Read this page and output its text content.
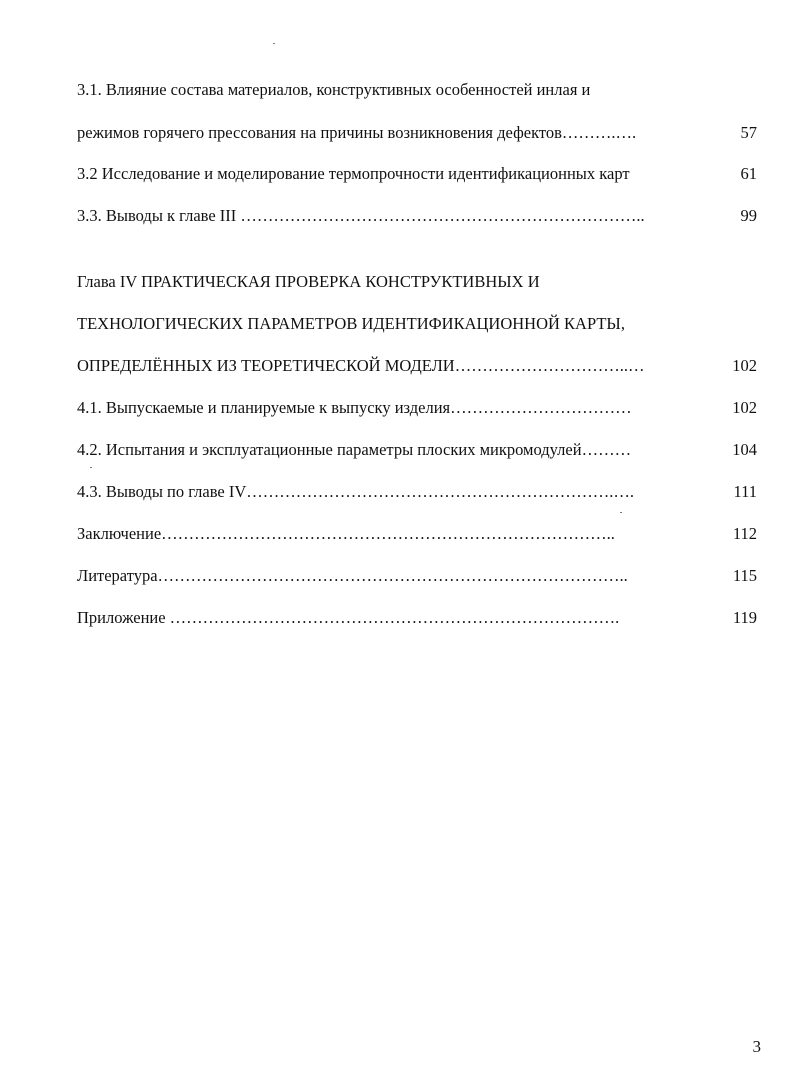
3.1. Влияние состава материалов, конструктивных особенностей инлая и
режимов горячего прессования на причины возникновения дефектов……….….	57
3.2 Исследование и моделирование термопрочности идентификационных карт	61
3.3. Выводы к главе III ………………………………………………………………..	99
Глава IV ПРАКТИЧЕСКАЯ ПРОВЕРКА КОНСТРУКТИВНЫХ И
ТЕХНОЛОГИЧЕСКИХ ПАРАМЕТРОВ ИДЕНТИФИКАЦИОННОЙ КАРТЫ,
ОПРЕДЕЛЁННЫХ ИЗ ТЕОРЕТИЧЕСКОЙ МОДЕЛИ…………………………..…	102
4.1. Выпускаемые и планируемые к выпуску изделия……………………………	102
4.2. Испытания и эксплуатационные параметры плоских микромодулей………	104
4.3. Выводы по главе IV………………………………………………………….….	111
Заключение………………………………………………………………………..	112
Литература…………………………………………………………………………..	115
Приложение ……………………………………………………………………….	119
3
